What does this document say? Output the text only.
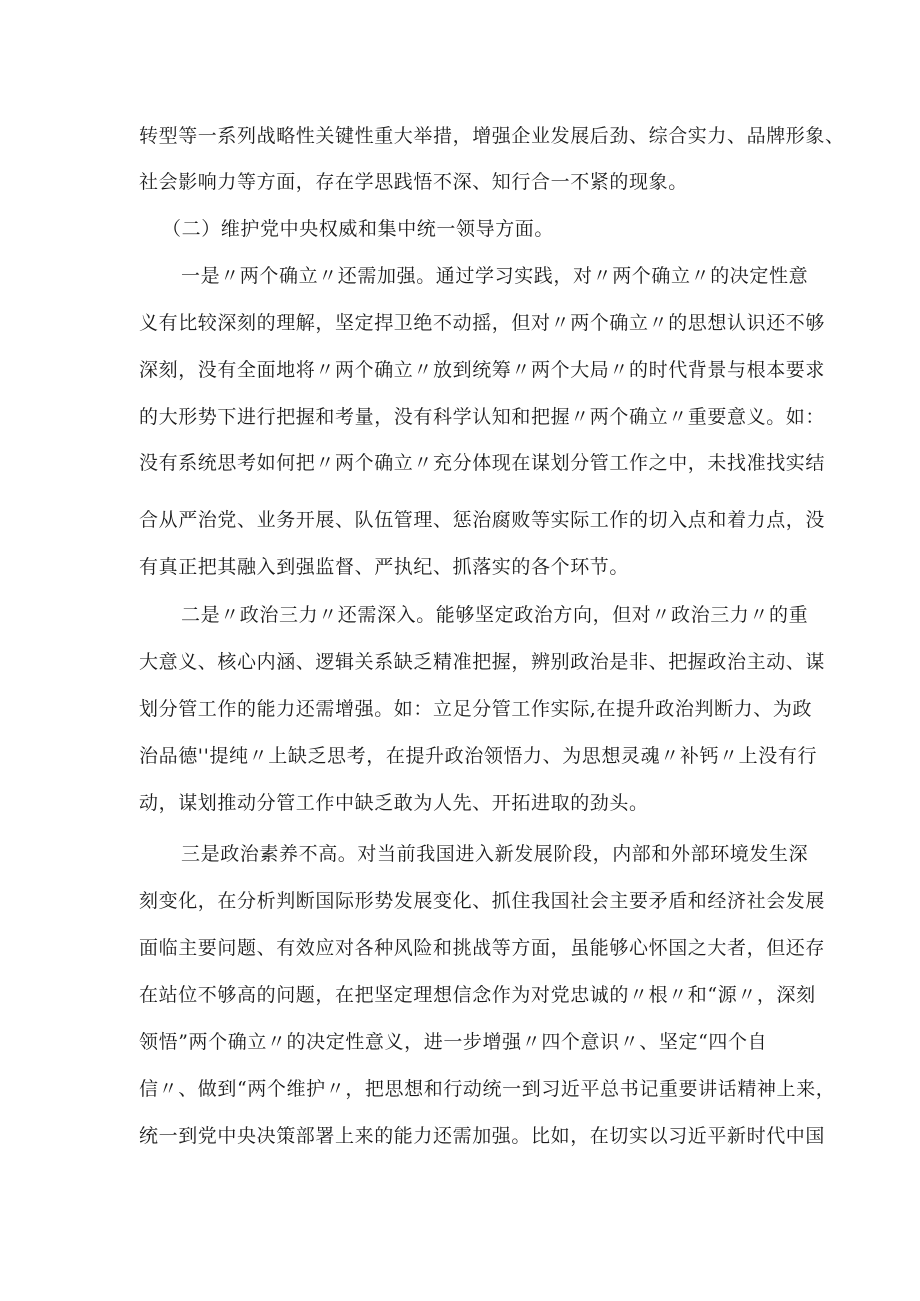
转型等一系列战略性关键性重大举措，增强企业发展后劲、综合实力、品牌形象、
社会影响力等方面，存在学思践悟不深、知行合一不紧的现象。
（二）维护党中央权威和集中统一领导方面。
一是〃两个确立〃还需加强。通过学习实践，对〃两个确立〃的决定性意
义有比较深刻的理解，坚定捍卫绝不动摇，但对〃两个确立〃的思想认识还不够
深刻，没有全面地将〃两个确立〃放到统筹〃两个大局〃的时代背景与根本要求
的大形势下进行把握和考量，没有科学认知和把握〃两个确立〃重要意义。如：
没有系统思考如何把〃两个确立〃充分体现在谋划分管工作之中，未找准找实结
合从严治党、业务开展、队伍管理、惩治腐败等实际工作的切入点和着力点，没
有真正把其融入到强监督、严执纪、抓落实的各个环节。
二是〃政治三力〃还需深入。能够坚定政治方向，但对〃政治三力〃的重
大意义、核心内涵、逻辑关系缺乏精准把握，辨别政治是非、把握政治主动、谋
划分管工作的能力还需增强。如：立足分管工作实际,在提升政治判断力、为政
治品德''提纯〃上缺乏思考，在提升政治领悟力、为思想灵魂〃补钙〃上没有行
动，谋划推动分管工作中缺乏敢为人先、开拓进取的劲头。
三是政治素养不高。对当前我国进入新发展阶段，内部和外部环境发生深
刻变化，在分析判断国际形势发展变化、抓住我国社会主要矛盾和经济社会发展
面临主要问题、有效应对各种风险和挑战等方面，虽能够心怀国之大者，但还存
在站位不够高的问题，在把坚定理想信念作为对党忠诚的〃根〃和“源〃，深刻
领悟”两个确立〃的决定性意义，进一步增强〃四个意识〃、坚定“四个自
信〃、做到“两个维护〃，把思想和行动统一到习近平总书记重要讲话精神上来，
统一到党中央决策部署上来的能力还需加强。比如，在切实以习近平新时代中国
